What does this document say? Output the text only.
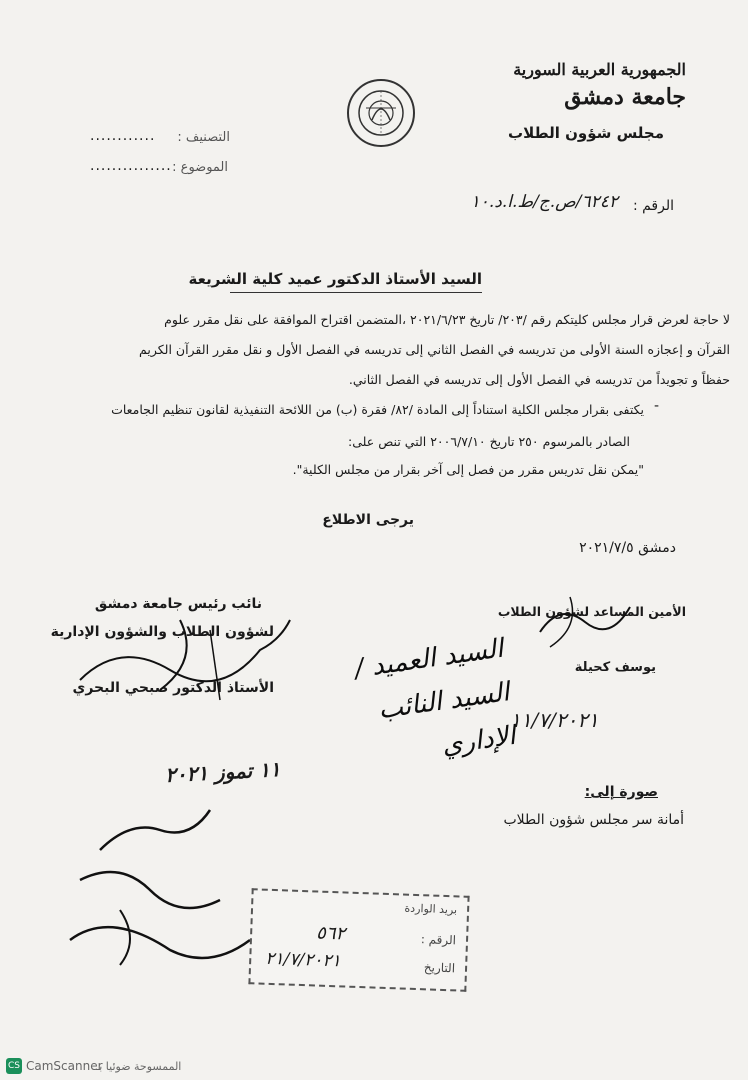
الجمهورية العربية السورية
جامعة دمشق
مجلس شؤون الطلاب
التصنيف :
............
الموضوع :
...............
الرقم :
٦٢٤٢/ص.ج/ط.ا.د.١٠
السيد الأستاذ الدكتور عميد كلية الشريعة
لا حاجة لعرض قرار مجلس كليتكم رقم /٢٠٣/ تاريخ ٢٠٢١/٦/٢٣ ،المتضمن اقتراح الموافقة على نقل مقرر علوم
القرآن و إعجازه السنة الأولى من تدريسه في الفصل الثاني إلى تدريسه في الفصل الأول و نقل مقرر القرآن الكريم
حفظاً و تجويداً من تدريسه في الفصل الأول إلى تدريسه في الفصل الثاني.
-
يكتفى بقرار مجلس الكلية استناداً إلى المادة /٨٢/ فقرة (ب) من اللائحة التنفيذية لقانون تنظيم الجامعات
الصادر بالمرسوم ٢٥٠ تاريخ ٢٠٠٦/٧/١٠ التي تنص على:
"يمكن نقل تدريس مقرر من فصل إلى آخر بقرار من مجلس الكلية".
يرجى الاطلاع
دمشق ٢٠٢١/٧/٥
نائب رئيس جامعة دمشق
لشؤون الطلاب والشؤون الإدارية
الأستاذ الدكتور صبحي البحري
الأمين المساعد لشؤون الطلاب
يوسف كحيلة
السيد العميد / السيد النائب الإداري
١١/٧/٢٠٢١
١١ تموز ٢٠٢١
صورة إلى:
أمانة سر مجلس شؤون الطلاب
بريد الواردة
الرقم :
٥٦٢
التاريخ
٢١/٧/٢٠٢١
CS CamScanner
الممسوحة ضوئيا بـ
